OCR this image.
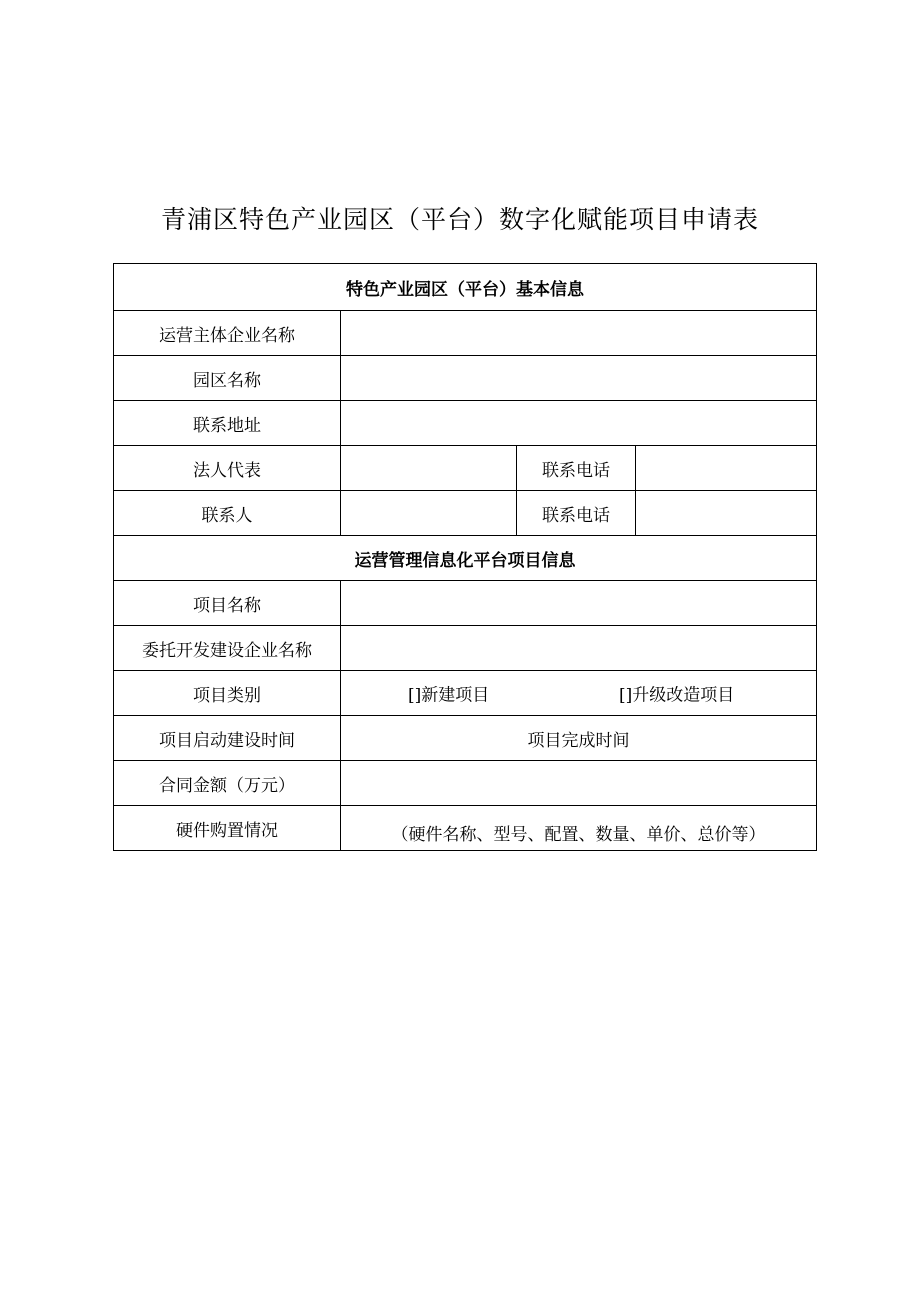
青浦区特色产业园区（平台）数字化赋能项目申请表
特色产业园区（平台）基本信息			
运营主体企业名称			
园区名称			
联系地址			
法人代表		联系电话	
联系人		联系电话	
运营管理信息化平台项目信息			
项目名称			
委托开发建设企业名称			
项目类别	[]新建项目 []升级改造项目		

项目启动建设时间	项目完成时间		
合同金额（万元）			
硬件购置情况	（硬件名称、型号、配置、数量、单价、总价等）		
